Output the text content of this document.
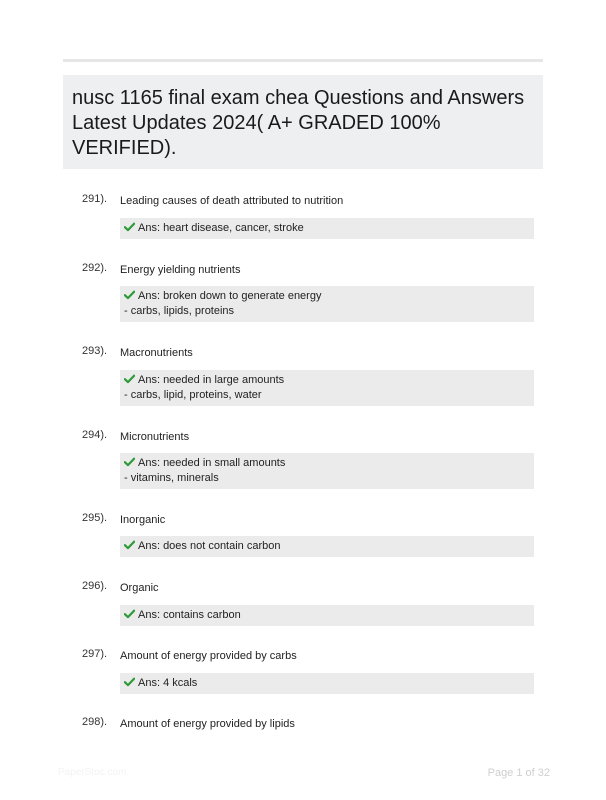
nusc 1165 final exam chea Questions and Answers Latest Updates 2024( A+ GRADED 100% VERIFIED).
291). Leading causes of death attributed to nutrition
Ans: heart disease, cancer, stroke
292). Energy yielding nutrients
Ans: broken down to generate energy
- carbs, lipids, proteins
293). Macronutrients
Ans: needed in large amounts
- carbs, lipid, proteins, water
294). Micronutrients
Ans: needed in small amounts
- vitamins, minerals
295). Inorganic
Ans: does not contain carbon
296). Organic
Ans: contains carbon
297). Amount of energy provided by carbs
Ans: 4 kcals
298). Amount of energy provided by lipids
PaperStoc.com	Page 1 of 32
